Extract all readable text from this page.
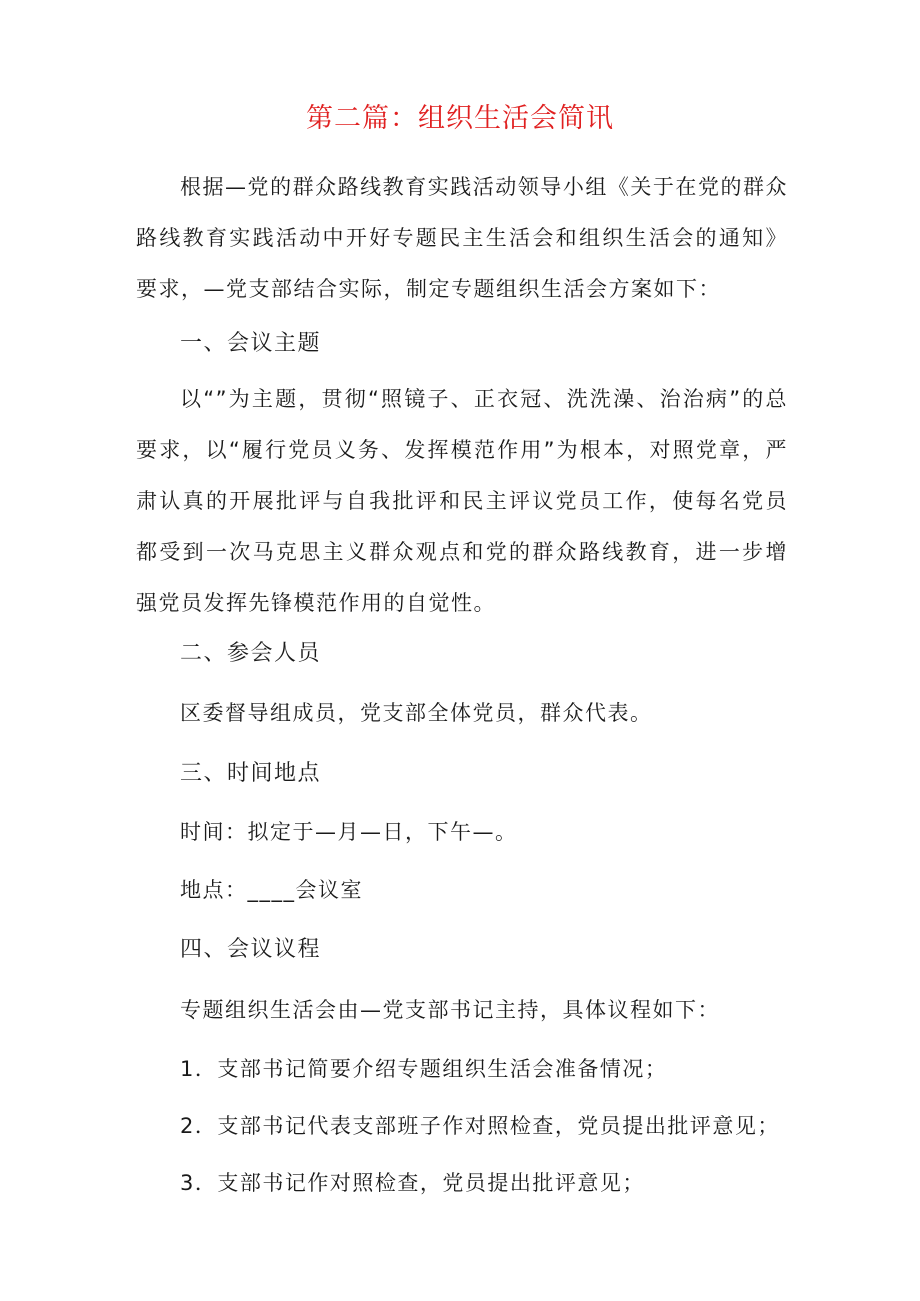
第二篇：组织生活会简讯
根据—党的群众路线教育实践活动领导小组《关于在党的群众路线教育实践活动中开好专题民主生活会和组织生活会的通知》要求，—党支部结合实际，制定专题组织生活会方案如下：
一、会议主题
以“”为主题，贯彻“照镜子、正衣冠、洗洗澡、治治病”的总要求，以“履行党员义务、发挥模范作用”为根本，对照党章，严肃认真的开展批评与自我批评和民主评议党员工作，使每名党员都受到一次马克思主义群众观点和党的群众路线教育，进一步增强党员发挥先锋模范作用的自觉性。
二、参会人员
区委督导组成员，党支部全体党员，群众代表。
三、时间地点
时间：拟定于—月—日，下午—。
地点：____会议室
四、会议议程
专题组织生活会由—党支部书记主持，具体议程如下：
1．支部书记简要介绍专题组织生活会准备情况；
2．支部书记代表支部班子作对照检查，党员提出批评意见；
3．支部书记作对照检查，党员提出批评意见；
